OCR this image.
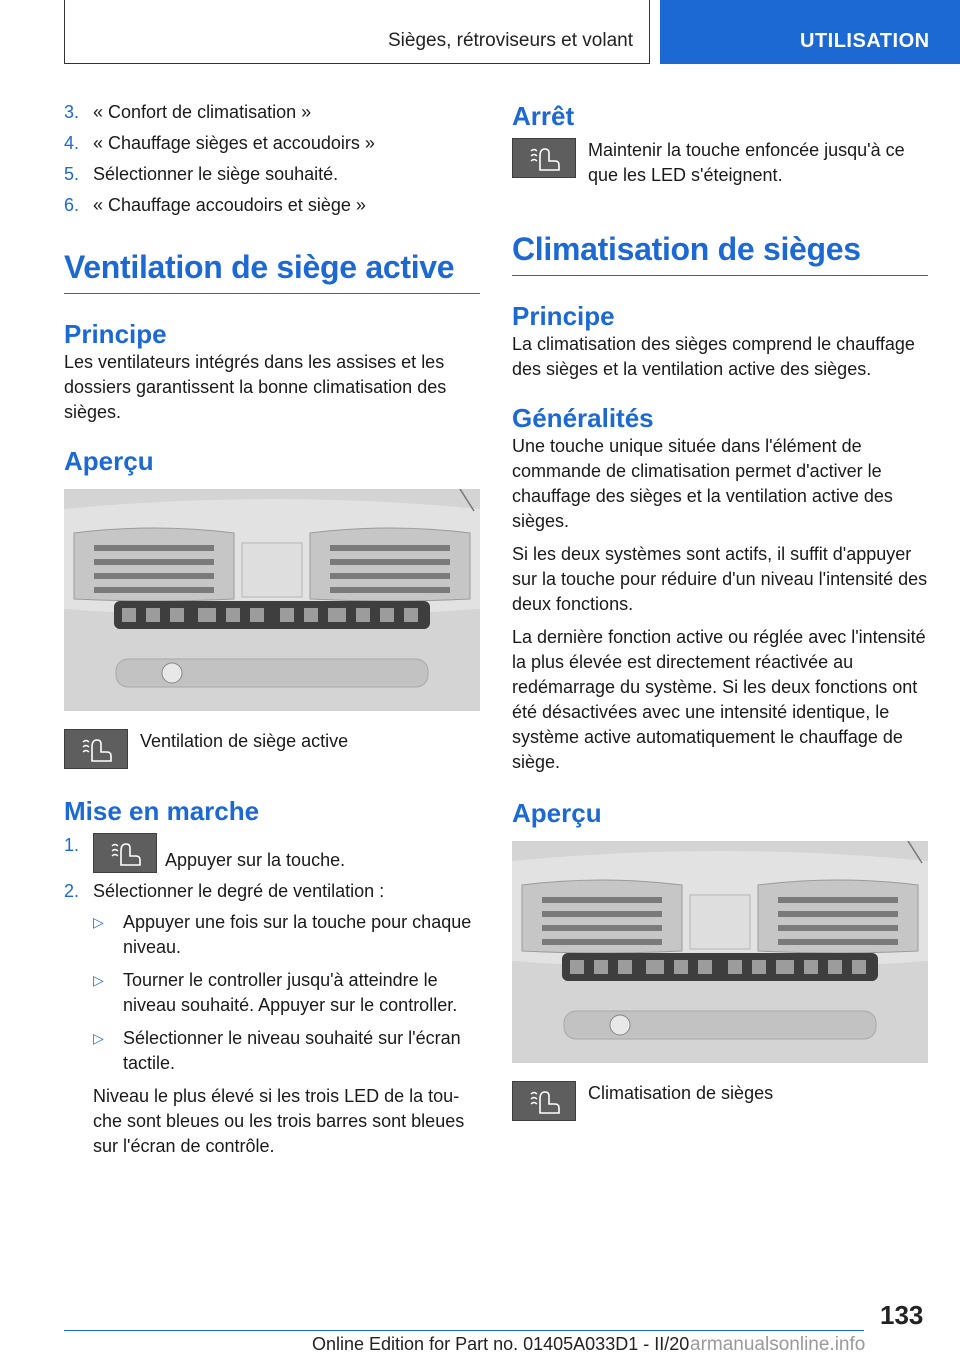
Sièges, rétroviseurs et volant	UTILISATION
3. « Confort de climatisation »
4. « Chauffage sièges et accoudoirs »
5. Sélectionner le siège souhaité.
6. « Chauffage accoudoirs et siège »
Ventilation de siège active
Principe

Les ventilateurs intégrés dans les assises et les dossiers garantissent la bonne climatisation des sièges.

Aperçu
Ventilation de siège active
Mise en marche
1.
Appuyer sur la touche.
2. Sélectionner le degré de ventilation :
▷ Appuyer une fois sur la touche pour chaque niveau.
▷ Tourner le controller jusqu'à atteindre le niveau souhaité. Appuyer sur le controller.
▷ Sélectionner le niveau souhaité sur l'écran tactile.

Niveau le plus élevé si les trois LED de la touche sont bleues ou les trois barres sont bleues sur l'écran de contrôle.

Arrêt
Maintenir la touche enfoncée jusqu'à ce que les LED s'éteignent.
Climatisation de sièges
Principe

La climatisation des sièges comprend le chauffage des sièges et la ventilation active des sièges.

Généralités

Une touche unique située dans l'élément de commande de climatisation permet d'activer le chauffage des sièges et la ventilation active des sièges.

Si les deux systèmes sont actifs, il suffit d'appuyer sur la touche pour réduire d'un niveau l'intensité des deux fonctions.

La dernière fonction active ou réglée avec l'intensité la plus élevée est directement réactivée au redémarrage du système. Si les deux fonctions ont été désactivées avec une intensité identique, le système active automatiquement le chauffage de siège.

Aperçu
Climatisation de sièges
133
Online Edition for Part no. 01405A033D1 - II/20 armanualsonline.info
